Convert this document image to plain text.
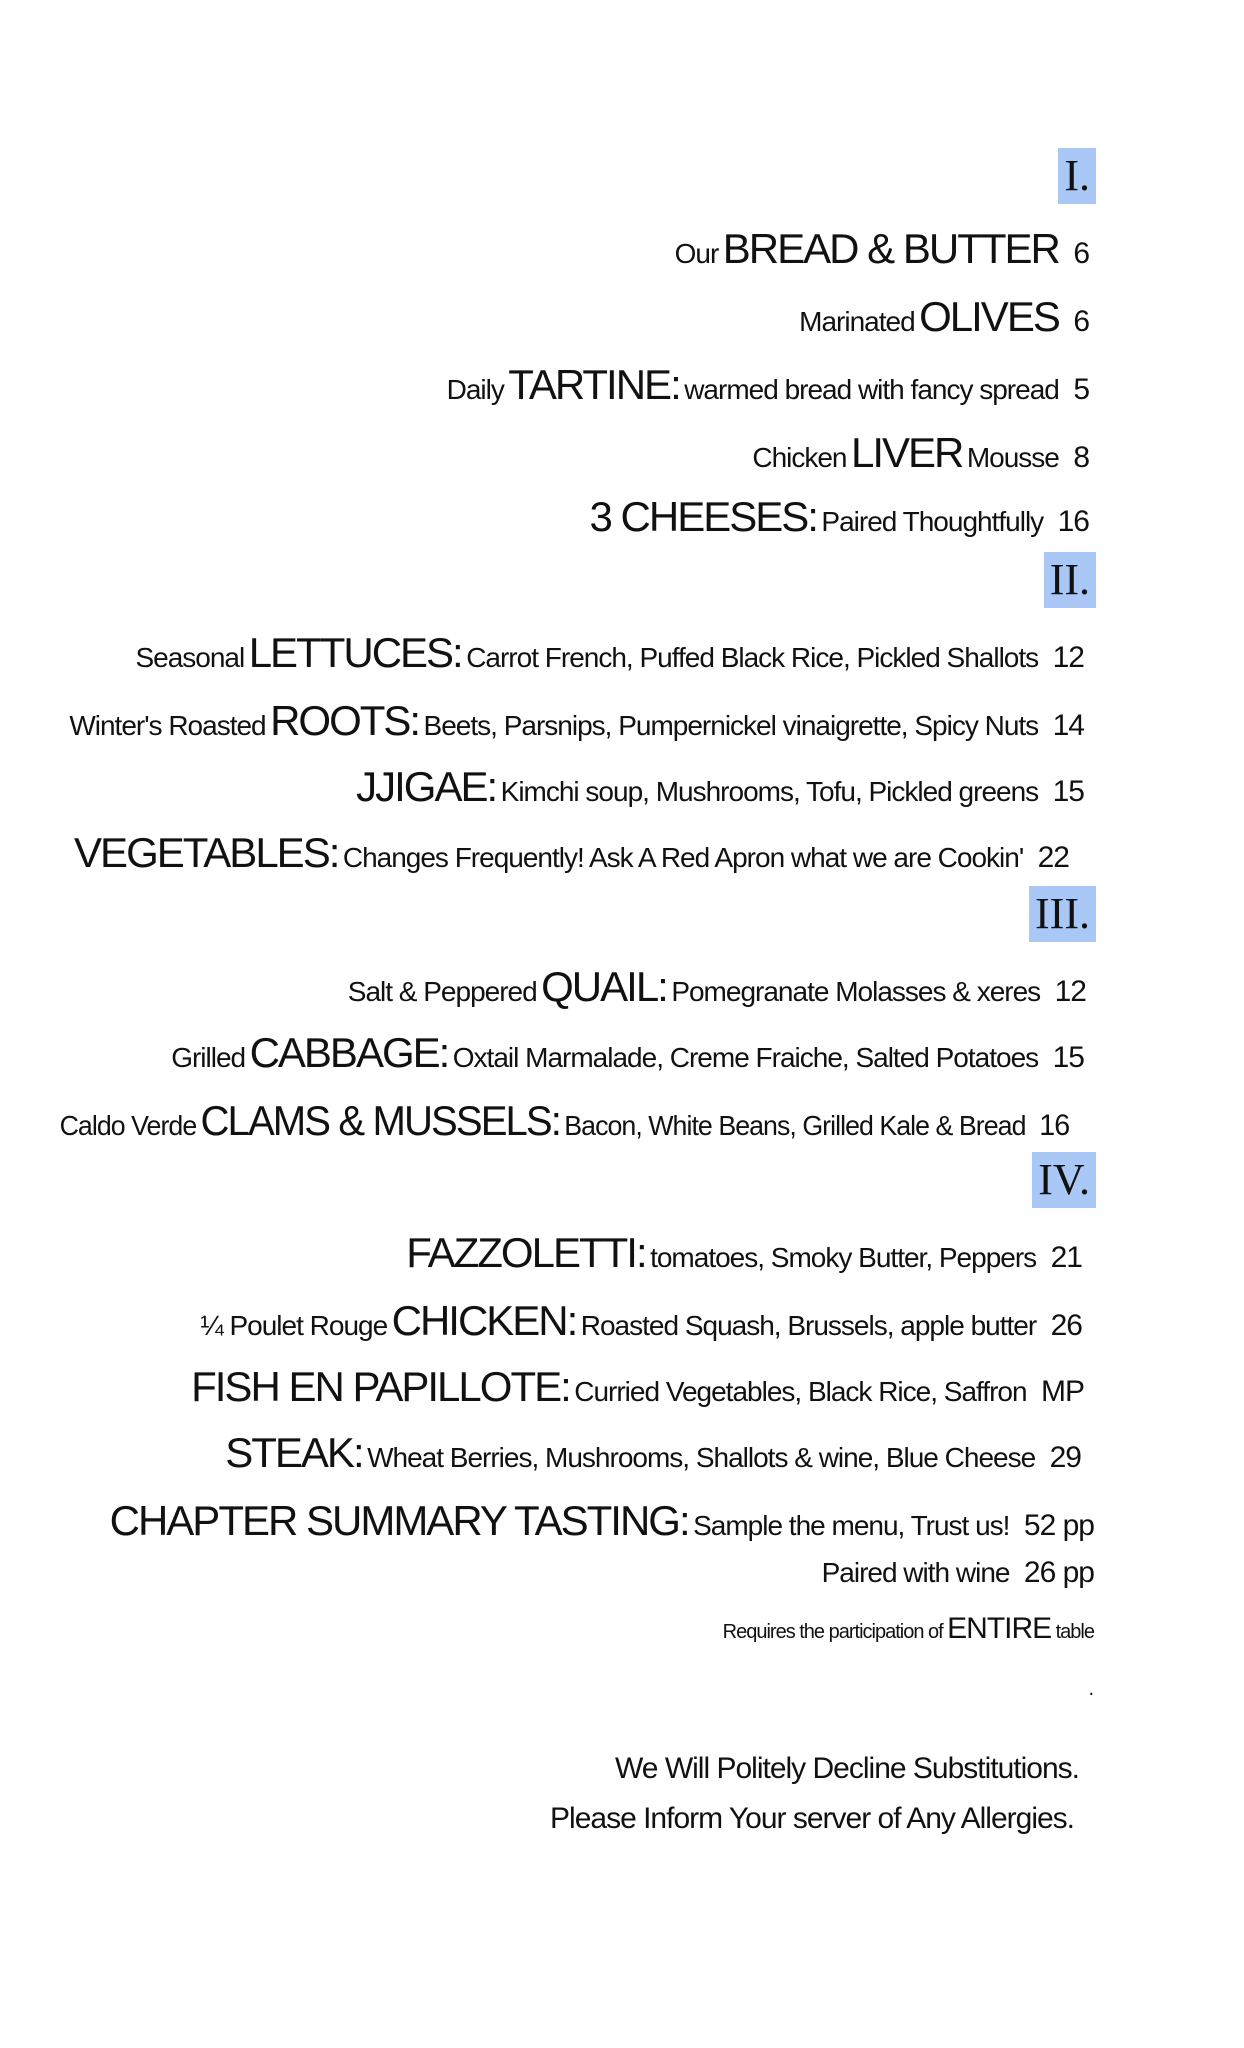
I.
Our BREAD & BUTTER 6
Marinated OLIVES 6
Daily TARTINE: warmed bread with fancy spread 5
Chicken LIVER Mousse 8
3 CHEESES: Paired Thoughtfully 16
II.
Seasonal LETTUCES: Carrot French, Puffed Black Rice, Pickled Shallots 12
Winter's Roasted ROOTS: Beets, Parsnips, Pumpernickel vinaigrette, Spicy Nuts 14
JJIGAE: Kimchi soup, Mushrooms, Tofu, Pickled greens 15
VEGETABLES: Changes Frequently! Ask A Red Apron what we are Cookin' 22
III.
Salt & Peppered QUAIL: Pomegranate Molasses & xeres 12
Grilled CABBAGE: Oxtail Marmalade, Creme Fraiche, Salted Potatoes 15
Caldo Verde CLAMS & MUSSELS: Bacon, White Beans, Grilled Kale & Bread 16
IV.
FAZZOLETTI: tomatoes, Smoky Butter, Peppers 21
¼ Poulet Rouge CHICKEN: Roasted Squash, Brussels, apple butter 26
FISH EN PAPILLOTE: Curried Vegetables, Black Rice, Saffron MP
STEAK: Wheat Berries, Mushrooms, Shallots & wine, Blue Cheese 29
CHAPTER SUMMARY TASTING: Sample the menu, Trust us! 52 pp
Paired with wine 26 pp
Requires the participation of ENTIRE table
.
We Will Politely Decline Substitutions.
Please Inform Your server of Any Allergies.
